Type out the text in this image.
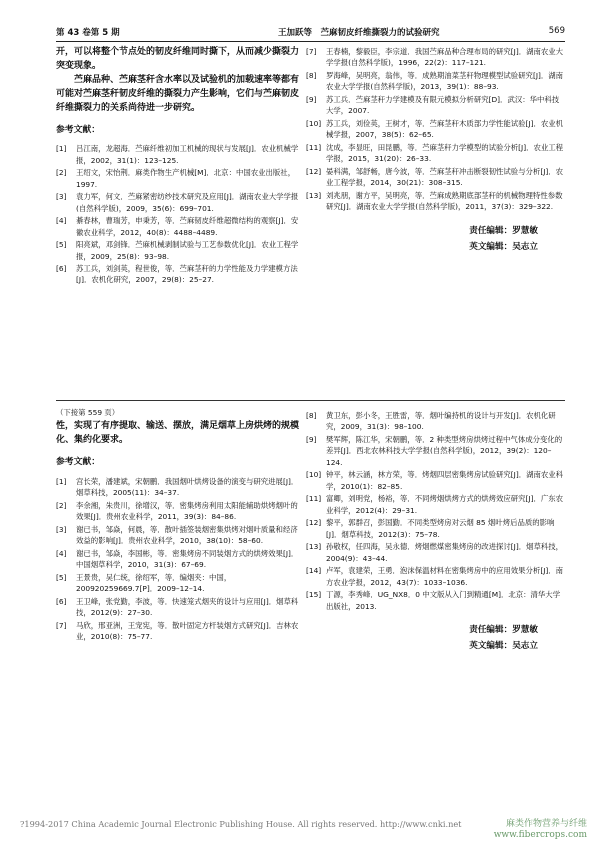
第 43 卷第 5 期	王加跃等　苎麻韧皮纤维撕裂力的试验研究	569

开，可以将整个节点处的韧皮纤维同时撕下，从而减少撕裂力突变现象。

苎麻品种、苎麻茎秆含水率以及试验机的加载速率等都有可能对苎麻茎秆韧皮纤维的撕裂力产生影响，它们与苎麻韧皮纤维撕裂力的关系尚待进一步研究。

参考文献：
[1]	吕江南，龙超海．苎麻纤维初加工机械的现状与发展[J]．农业机械学报，2002，31(1)：123–125.
[2]	王绍文，宋怡荆．麻类作物生产机械[M]．北京：中国农业出版社，1997.
[3]	袁力军，何文．苎麻紧密纺纱技术研究及应用[J]．湖南农业大学学报(自然科学版)，2009，35(6)：699–701.
[4]	綦春林，曹瑞芳，申秉芳，等．苎麻韧皮纤维超微结构的观察[J]．安徽农业科学，2012，40(8)：4488–4489.
[5]	阳亮斌，邓剑锋．苎麻机械剥制试验与工艺参数优化[J]．农业工程学报，2009，25(8)：93–98.
[6]	苏工兵，刘剑英，程世俊，等．苎麻茎秆的力学性能及力学建模方法[J]．农机化研究，2007，29(8)：25–27.
[7]	王春楠，黎毅臣，李宗道．我国苎麻品种合理布局的研究[J]．湖南农业大学学报(自然科学版)，1996，22(2)：117–121.
[8]	罗海峰，吴明亮，翁伟，等．成熟期油菜茎秆物理模型试验研究[J]．湖南农业大学学报(自然科学版)，2013，39(1)：88–93.
[9]	苏工兵．苎麻茎秆力学建模及有限元模拟分析研究[D]．武汉：华中科技大学，2007.
[10] 苏工兵，刘俭英，王树才，等．苎麻茎秆木质部力学性能试验[J]．农业机械学报，2007，38(5)：62–65.
[11] 沈成，李显旺，田昆鹏，等．苎麻茎秆力学模型的试验分析[J]．农业工程学报，2015，31(20)：26–33.
[12] 晏科满，邹舒畅，唐今波，等．苎麻茎秆冲击断裂韧性试验与分析[J]．农业工程学报，2014，30(21)：308–315.
[13] 刘兆朋，谢方平，吴明亮，等．苎麻成熟期底部茎秆的机械物理特性参数研究[J]．湖南农业大学学报(自然科学版)，2011，37(3)：329–322.
责任编辑：罗慧敏
英文编辑：吴志立
（下接第 559 页）

性，实现了有序提取、输送、摆放，满足烟草上房烘烤的规模化、集约化要求。

参考文献：
[1]	宫长荣，潘建斌，宋朝鹏．我国烟叶烘烤设备的演变与研究进展[J]．烟草科技，2005(11)：34–37.
[2]	李余湘，朱贵川，徐增汉，等．密集烤房利用太阳能辅助烘烤烟叶的效果[J]．贵州农业科学，2011，39(3)：84–86.
[3]	谢已书，邹焱，何晨，等．散叶插签装烟密集烘烤对烟叶质量和经济效益的影响[J]．贵州农业科学，2010，38(10)：58–60.
[4]	谢已书，邹焱，李国彬，等．密集烤房不同装烟方式的烘烤效果[J]．中国烟草科学，2010，31(3)：67–69.
[5]	王景贵，吴仁统，徐绍军，等．编烟夹：中国，200920259669.7[P]．2009–12–14.
[6]	王卫峰，张党勤，李波，等．快速笼式烟夹的设计与应用[J]．烟草科技，2012(9)：27–30.
[7]	马欣，邢亚洲，王宠宪，等．散叶固定方杆装烟方式研究[J]．吉林农业，2010(8)：75–77.
[8]	黄卫东，彭小冬，王胜雷，等．烟叶编持机的设计与开发[J]．农机化研究，2009，31(3)：98–100.
[9]	樊军辉，陈江华，宋朝鹏，等．2 种类型烤房烘烤过程中气体成分变化的差异[J]．西北农林科技大学学报(自然科学版)，2012，39(2)：120–124.
[10] 钟平，林云涵，林方荣，等．烤烟四层密集烤房试验研究[J]．湖南农业科学，2010(1)：82–85.
[11] 富卿，刘明党，杨裕，等．不同烤烟烘烤方式的烘烤效应研究[J]．广东农业科学，2012(4)：29–31.
[12] 黎平，郭群召，彭国勤．不同类型烤房对云烟 85 烟叶烤后品质的影响[J]．烟草科技，2012(3)：75–78.
[13] 孙敬权，任四海，吴永德．烤烟燃煤密集烤房的改进探讨[J]．烟草科技，2004(9)：43–44.
[14] 卢军，袁建荣，王勇．泡沫保温材料在密集烤房中的应用效果分析[J]．南方农业学报，2012，43(7)：1033–1036.
[15] 丁源，李秀峰．UG_NX8．0 中文版从入门到精通[M]．北京：清华大学出版社，2013.
责任编辑：罗慧敏
英文编辑：吴志立
?1994-2017 China Academic Journal Electronic Publishing House. All rights reserved. http://www.cnki.net	麻类作物营养与纤维
www.fibercrops.com
